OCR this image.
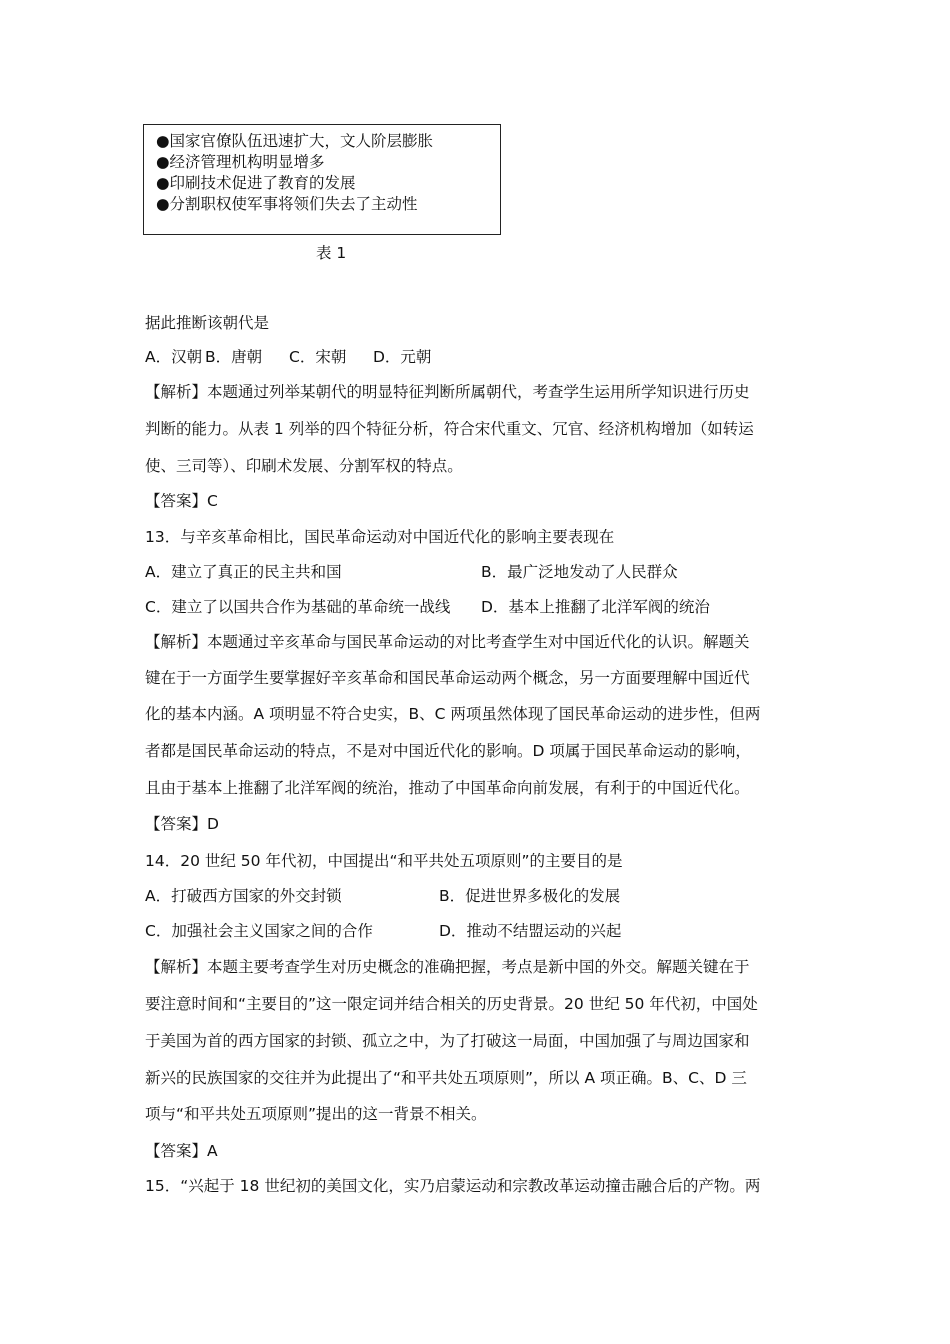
●国家官僚队伍迅速扩大，文人阶层膨胀
●经济管理机构明显增多
●印刷技术促进了教育的发展
●分割职权使军事将领们失去了主动性
表 1
据此推断该朝代是
A．汉朝 B．唐朝 C．宋朝 D．元朝
【解析】本题通过列举某朝代的明显特征判断所属朝代，考查学生运用所学知识进行历史
判断的能力。从表 1 列举的四个特征分析，符合宋代重文、冗官、经济机构增加（如转运
使、三司等）、印刷术发展、分割军权的特点。
【答案】C
13．与辛亥革命相比，国民革命运动对中国近代化的影响主要表现在
A．建立了真正的民主共和国	B．最广泛地发动了人民群众
C．建立了以国共合作为基础的革命统一战线 D．基本上推翻了北洋军阀的统治
【解析】本题通过辛亥革命与国民革命运动的对比考查学生对中国近代化的认识。解题关
键在于一方面学生要掌握好辛亥革命和国民革命运动两个概念，另一方面要理解中国近代
化的基本内涵。A 项明显不符合史实，B、C 两项虽然体现了国民革命运动的进步性，但两
者都是国民革命运动的特点，不是对中国近代化的影响。D 项属于国民革命运动的影响，
且由于基本上推翻了北洋军阀的统治，推动了中国革命向前发展，有利于的中国近代化。
【答案】D
14．20 世纪 50 年代初，中国提出“和平共处五项原则”的主要目的是
A．打破西方国家的外交封锁	B．促进世界多极化的发展
C．加强社会主义国家之间的合作	D．推动不结盟运动的兴起
【解析】本题主要考查学生对历史概念的准确把握，考点是新中国的外交。解题关键在于
要注意时间和“主要目的”这一限定词并结合相关的历史背景。20 世纪 50 年代初，中国处
于美国为首的西方国家的封锁、孤立之中，为了打破这一局面，中国加强了与周边国家和
新兴的民族国家的交往并为此提出了“和平共处五项原则”，所以 A 项正确。B、C、D 三
项与“和平共处五项原则”提出的这一背景不相关。
【答案】A
15．“兴起于 18 世纪初的美国文化，实乃启蒙运动和宗教改革运动撞击融合后的产物。两
